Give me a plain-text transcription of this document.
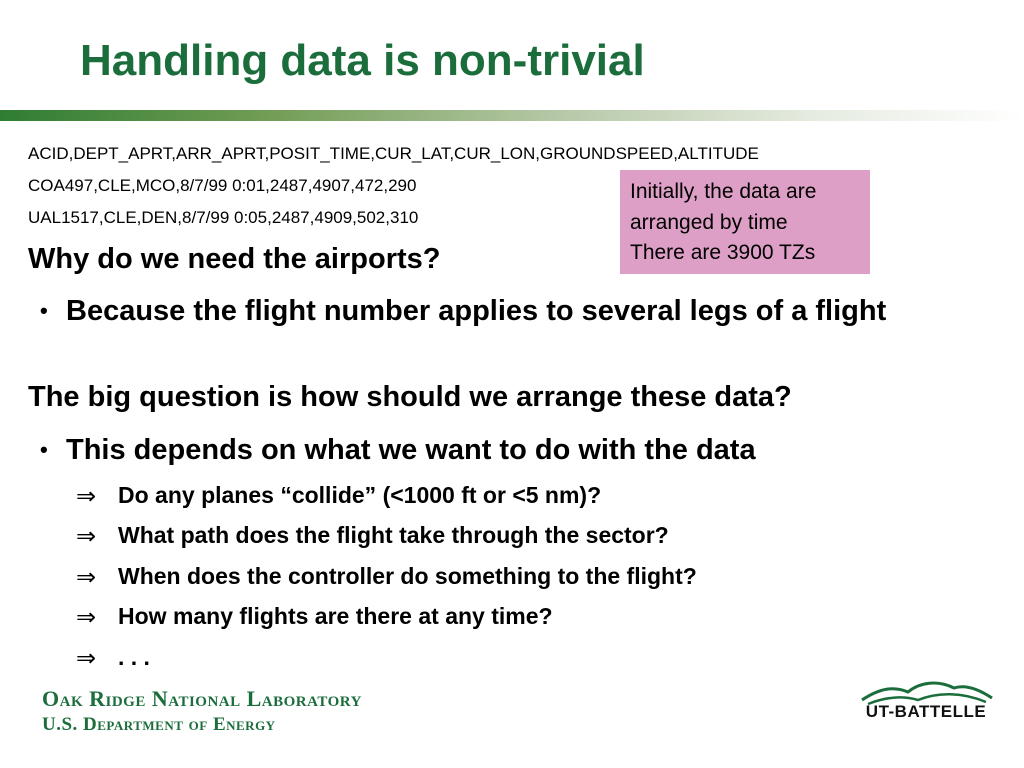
Handling data is non-trivial
ACID,DEPT_APRT,ARR_APRT,POSIT_TIME,CUR_LAT,CUR_LON,GROUNDSPEED,ALTITUDE
COA497,CLE,MCO,8/7/99 0:01,2487,4907,472,290
UAL1517,CLE,DEN,8/7/99 0:05,2487,4909,502,310
Initially, the data are
arranged by time
There are 3900 TZs
Why do we need the airports?
• Because the flight number applies to several legs of a flight
The big question is how should we arrange these data?
• This depends on what we want to do with the data
⇒ Do any planes “collide” (<1000 ft or <5 nm)?
⇒ What path does the flight take through the sector?
⇒ When does the controller do something to the flight?
⇒ How many flights are there at any time?
⇒ . . .
Oak Ridge National Laboratory
U.S. Department of Energy
UT-BATTELLE
